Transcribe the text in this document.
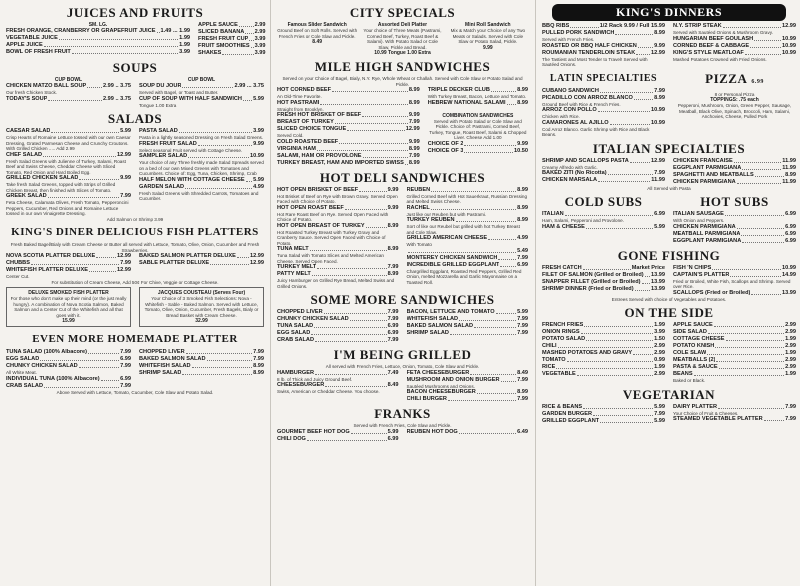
JUICES AND FRUITS
SM. LG.
FRESH ORANGE, CRANBERRY OR GRAPEFRUIT JUICE 1.49 ... 1.99
VEGETABLE JUICE	1.99
APPLE JUICE	1.99
BOWL OF FRESH FRUIT	3.99
APPLE SAUCE	2.99
SLICED BANANA 2.99
FRESH FRUIT CUP 3.99
FRUIT SMOOTHIES 3.99
SHAKES	3.99
SOUPS
CUP BOWL
CHICKEN MATZO BALL SOUP	2.99 .. 3.75
Our fresh Chicken Stock.
TODAY'S SOUP	2.99 .. 3.75
CUP BOWL
SOUP DU JOUR	2.99 ... 3.75
Served with Bagel, or Toast and Butter.
CUP OF SOUP WITH HALF SANDWICH 5.99
Tongue 1.00 Extra
SALADS
CAESAR SALAD	5.99
Crisp Hearts of Romaine Lettuce tossed with our own Caesar Dressing, Grated Parmesan Cheese and Crunchy Croutons. With Grilled Chicken ..... Add 2.99
CHEF SALAD	12.99
Fresh Salad Greens with Julienne of Turkey, Salami, Roast Beef and Swiss Cheese, Cheddar Cheese with Sliced Tomato, Red Onion and Hard Boiled Egg.
GRILLED CHICKEN SALAD	9.99
Take fresh Salad Greens, topped with Strips of Grilled Chicken Breast, then finished with Slices of Tomato.
GREEK SALAD	7.99
Feta Cheese, Calamata Olives, Fresh Tomato, Pepperoncini Peppers, Cucumber, Red Onions and Romaine Lettuce tossed in our own Vinaigrette Dressing.
PASTA SALAD	3.99
Pasta in a lightly seasoned Dressing on Fresh Salad Greens.
FRESH FRUIT SALAD	9.99
Select seasonal Fruit served with Cottage Cheese.
SAMPLER SALAD	10.99
Your choice of any Three freshly made Salad Spreads served on a bed of our own Mixed Greens with Tomatoes and Cucumbers. Choice of: Egg, Tuna, Chicken, Shrimp, Crab
HALF MELON WITH COTTAGE CHEESE 5.99
GARDEN SALAD	4.99
Fresh Salad Greens with Shredded Carrots, Tomatoes and Cucumber.
Add Salmon or Shrimp 3.99
KING'S DINER DELICIOUS FISH PLATTERS
Fresh Baked Bagel/Bialy with Cream Cheese or Butter all served with Lettuce, Tomato, Olive, Onion, Cucumber and Fresh Strawberries.
NOVA SCOTIA PLATTER DELUXE	12.99
CHUBBS	7.99
WHITEFISH PLATTER DELUXE	12.99
Center Cut.
BAKED SALMON PLATTER DELUXE	12.99
SABLE PLATTER DELUXE	12.99
For substitution of Cream Cheese, Add 50¢ For Chive, Veggie or Cottage Cheese.
DELUXE SMOKED FISH PLATTER
For those who don't make up their mind (or the just really hungry). A combination of Nova Scotia Salmon, Baked Salmon and a Center Cut of the Whitefish and all that goes with it.
15.99
JACQUES COUSTEAU (Serves Four)
Your Choice of 3 Smoked Fish Selections: Nova - Whitefish - Sable - Baked Salmon. Served with Lettuce, Tomato, Olive, Onion, Cucumber, Fresh Bagels, Bialy or Bread Basket with Cream Cheese.
32.99
EVEN MORE HOMEMADE PLATTER
TUNA SALAD (100% Albacore)	7.99
EGG SALAD	6.99
CHUNKY CHICKEN SALAD	7.99
All White Meat.
INDIVIDUAL TUNA (100% Albacore)	6.99
CRAB SALAD	7.99
CHOPPED LIVER	7.99
BAKED SALMON SALAD	7.99
WHITEFISH SALAD	8.99
SHRIMP SALAD	8.99
Above Served with Lettuce, Tomato, Cucumber, Cole Slaw and Potato Salad.
CITY SPECIALS
Famous Slider Sandwich
Ground Beef on Soft Rolls. Served with French Fries or Cole Slaw and Pickle.
8.49
Assorted Deli Platter
Your choice of Three Meats (Pastrami, Corned Beef, Turkey, Roast Beef & Salami). With Potato Salad or Cole Slaw, Pickle and Bread.
10.99 Tongue 1.00 Extra
Mini Roll Sandwich
Mix & Match your Choice of any Two Meats or Salads. Served with Cole Slaw or Potato Salad, Pickle.
9.99
MILE HIGH SANDWICHES
Served on your Choice of Bagel, Bialy, N.Y. Rye, Whole Wheat or Challah. Served with Cole Slaw or Potato Salad and Pickle.
HOT CORNED BEEF	8.99
An Old-Time Favorite.
HOT PASTRAMI	8.99
Straight from Brooklyn.
FRESH HOT BRISKET OF BEEF	9.99
BREAST OF TURKEY	7.99
SLICED CHOICE TONGUE	12.99
Served Cold.
COLD ROASTED BEEF	9.99
VIRGINIA HAM	8.99
SALAMI, HAM OR PROVOLONE	7.99
TURKEY BREAST, HAM AND IMPORTED SWISS 8.99
TRIPLE DECKER CLUB	8.99
With Turkey Breast, Bacon, Lettuce and Tomato.
HEBREW NATIONAL SALAMI 8.99
COMBINATION SANDWICHES
Served with Potato Salad or Cole Slaw and Pickle. Choice of: Pastrami, Corned Beef, Turkey, Tongue, Roast Beef, Salami & Chopped Liver. Cheese Add 1.00
CHOICE OF 2	9.99
CHOICE OF 3	10.50
HOT DELI SANDWICHES
HOT OPEN BRISKET OF BEEF	9.99
Hot Brisket of Beef on Rye with Brown Gravy. Served Open Faced with Choice of Potato.
HOT OPEN ROAST BEEF	9.99
Hot Rare Roast Beef on Rye. Served Open Faced with Choice of Potato.
HOT OPEN BREAST OF TURKEY	8.99
Hot Roasted Turkey Breast with Turkey Gravy and Cranberry Sauce. Served Open Faced with Choice of Potato.
TUNA MELT	8.99
Tuna Salad with Tomato Slices and Melted American Cheese. Served Open Faced.
TURKEY MELT	7.99
PATTY MELT	8.99
Juicy Hamburger on Grilled Rye Bread, Melted Swiss and Grilled Onions.
REUBEN	8.99
Grilled Corned Beef with Hot Sauerkraut, Russian Dressing and Melted Swiss Cheese.
RACHEL	8.99
Just like our Reuben but with Pastrami.
TURKEY REUBEN	8.99
Sort of like our Reubel but grilled with hot Turkey Breast and Cole Slaw.
GRILLED AMERICAN CHEESE	4.99
With Tomato
5.49
MONTEREY CHICKEN SANDWICH	7.99
INCREDIBLE GRILLED EGGPLANT	6.99
Chargrilled Eggplant, Roasted Red Peppers, Grilled Red Onion, melted Mozzarella and Garlic Mayonnaise on a Toasted Roll.
SOME MORE SANDWICHES
CHOPPED LIVER	7.99
CHUNKY CHICKEN SALAD	7.99
TUNA SALAD	6.99
EGG SALAD	6.99
CRAB SALAD	7.99
BACON, LETTUCE AND TOMATO	5.99
WHITEFISH SALAD	7.99
BAKED SALMON SALAD	7.99
SHRIMP SALAD	7.99
I'M BEING GRILLED
All served with French Fries, Lettuce, Onion, Tomato, Cole Slaw and Pickle.
HAMBURGER	7.49
8 lb. of Thick and Juicy Ground Beef.
CHEESEBURGER	8.49
Swiss, American or Cheddar Cheese. You choose.
FETA CHEESEBURGER	8.49
MUSHROOM AND ONION BURGER	7.99
Sautéed Mushrooms and Onions.
BACON CHEESEBURGER	8.99
CHILI BURGER	7.99
FRANKS
Served with French Fries, Cole Slaw and Pickle.
GOURMET BEEF HOT DOG	5.99
CHILI DOG	6.99
REUBEN HOT DOG	6.49
KING'S DINNERS
BBQ RIBS	1/2 Rack 9.99 / Full 15.99
PULLED PORK SANDWICH	8.99
Served with French Fries.
ROASTED OR BBQ HALF CHICKEN	9.99
ROUMANIAN TENDERLOIN STEAK	12.99
The Tastiest and Most Tender to Travel! Served with Sautéed Onions.
N.Y. STRIP STEAK	12.99
Served with Sautéed Onions & Mushroom Gravy.
HUNGARIAN BEEF GOULASH	10.99
CORNED BEEF & CABBAGE	10.99
KING'S STYLE MEATLOAF	10.99
Mashed Potatoes Crowned with Fried Onions.
LATIN SPECIALTIES
CUBANO SANDWICH	7.99
PICADILLO CON ARROZ BLANCO	8.99
Ground Beef with Rice & French Fries.
ARROZ CON POLLO	10.99
Chicken with Rice.
CAMARONES AL AJILLO	10.99
Cod Arroz Blanco. Garlic Shrimp with Rice and Black Beans.
PIZZA 6.99
8 or Personal Pizza
TOPPINGS: .75 each
Pepperoni, Mushroom, Onion, Green Pepper, Sausage, Meatball, Black Olive, Spinach, Broccoli, Ham, Salami, Anchovies, Cheese, Pulled Pork
ITALIAN SPECIALTIES
SHRIMP AND SCALLOPS PASTA	12.99
Creamy Alfredo with Garlic.
BAKED ZITI (No Ricotta)	7.99
CHICKEN MARSALA	11.99
CHICKEN FRANCAISE	11.99
EGGPLANT PARMIGIANA	11.99
SPAGHETTI AND MEATBALLS	8.99
CHICKEN PARMIGIANA	11.99
All Served with Pasta
COLD SUBS
ITALIAN	6.99
Ham, Salami, Pepperoni and Provolone.
HAM & CHEESE	5.99
HOT SUBS
ITALIAN SAUSAGE	6.99
With Onion and Peppers.
CHICKEN PARMIGIANA	6.99
MEATBALL PARMIGIANA	6.99
EGGPLANT PARMIGIANA	6.99
GONE FISHING
FRESH CATCH	Market Price
FILET OF SALMON (Grilled or Broiled) 13.99
SNAPPER FILLET (Grilled or Broiled) 13.99
SHRIMP DINNER (Fried or Broiled)	13.99
FISH 'N CHIPS	10.99
CAPTAIN'S PLATTER	14.99
Fried or Broiled, White Fish, Scallops and Shrimp. Served over Rice.
SCALLOPS (Fried or Broiled)	13.99
Entrees Served with choice of Vegetables and Potatoes.
ON THE SIDE
FRENCH FRIES	1.99
ONION RINGS	3.99
POTATO SALAD	1.50
CHILI	2.99
MASHED POTATOES AND GRAVY	2.99
TOMATO	0.99
RICE	1.99
VEGETABLE	2.99
APPLE SAUCE	2.99
SIDE SALAD	2.99
COTTAGE CHEESE	1.99
POTATO KNISH	2.99
COLE SLAW	1.99
MEATBALLS (2)	2.99
PASTA & SAUCE	2.99
BEANS	1.99
Baked or Black.
VEGETARIAN
RICE & BEANS	5.99
GARDEN BURGER	7.99
GRILLED EGGPLANT	5.99
DAIRY PLATTER	7.99
Your Choice of Fruit & Cheeses.
STEAMED VEGETABLE PLATTER	7.99
